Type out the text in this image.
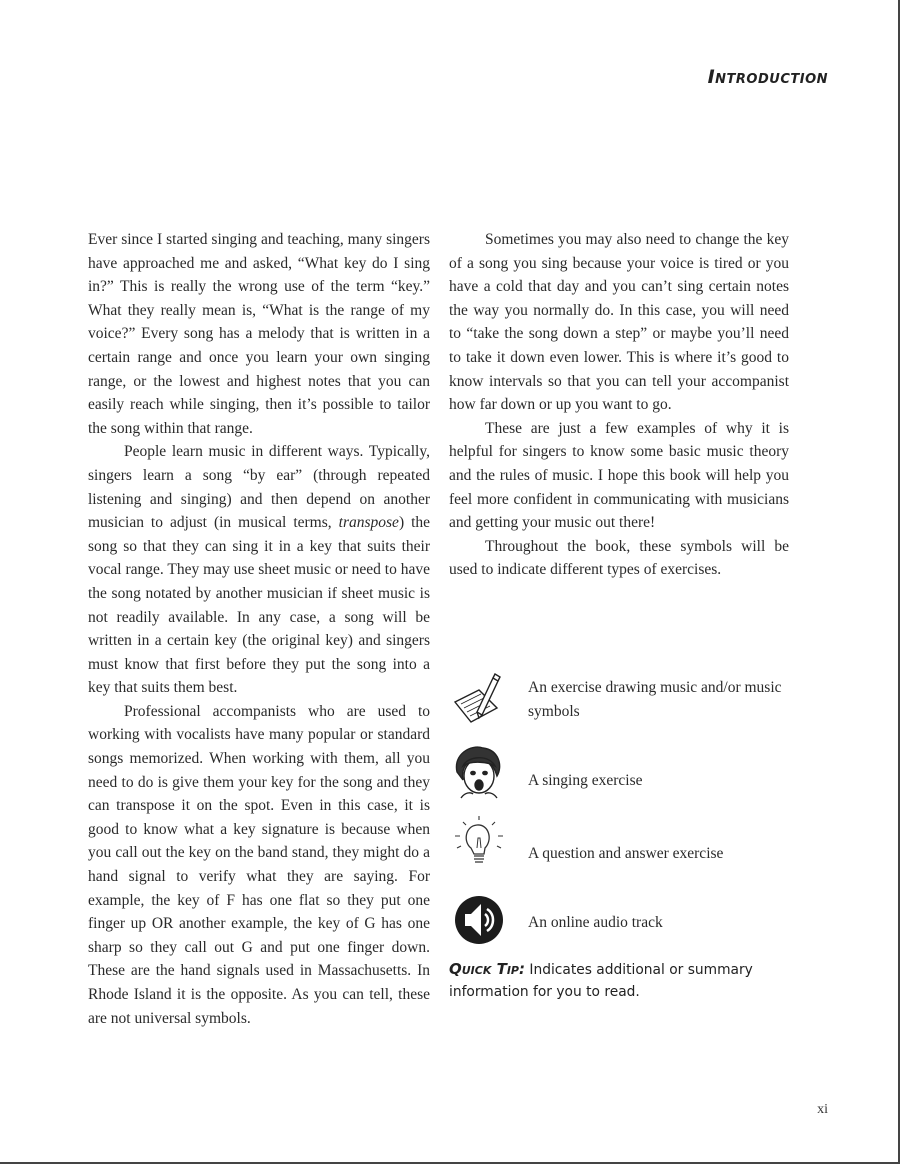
Introduction

Ever since I started singing and teaching, many singers have approached me and asked, “What key do I sing in?” This is really the wrong use of the term “key.” What they really mean is, “What is the range of my voice?” Every song has a melody that is written in a certain range and once you learn your own singing range, or the lowest and highest notes that you can easily reach while singing, then it’s possible to tailor the song within that range.

People learn music in different ways. Typically, singers learn a song “by ear” (through repeated listening and singing) and then depend on another musician to adjust (in musical terms, transpose) the song so that they can sing it in a key that suits their vocal range. They may use sheet music or need to have the song notated by another musician if sheet music is not readily available. In any case, a song will be written in a certain key (the original key) and singers must know that first before they put the song into a key that suits them best.

Professional accompanists who are used to working with vocalists have many popular or standard songs memorized. When working with them, all you need to do is give them your key for the song and they can transpose it on the spot. Even in this case, it is good to know what a key signature is because when you call out the key on the band stand, they might do a hand signal to verify what they are saying. For example, the key of F has one flat so they put one finger up OR another example, the key of G has one sharp so they call out G and put one finger down. These are the hand signals used in Massachusetts. In Rhode Island it is the opposite. As you can tell, these are not universal symbols.

Sometimes you may also need to change the key of a song you sing because your voice is tired or you have a cold that day and you can’t sing certain notes the way you normally do. In this case, you will need to “take the song down a step” or maybe you’ll need to take it down even lower. This is where it’s good to know intervals so that you can tell your accompanist how far down or up you want to go.

These are just a few examples of why it is helpful for singers to know some basic music theory and the rules of music. I hope this book will help you feel more confident in communicating with musicians and getting your music out there!

Throughout the book, these symbols will be used to indicate different types of exercises.

An exercise drawing music and/or music symbols
A singing exercise
A question and answer exercise
An online audio track
Quick Tip: Indicates additional or summary information for you to read.
xi
